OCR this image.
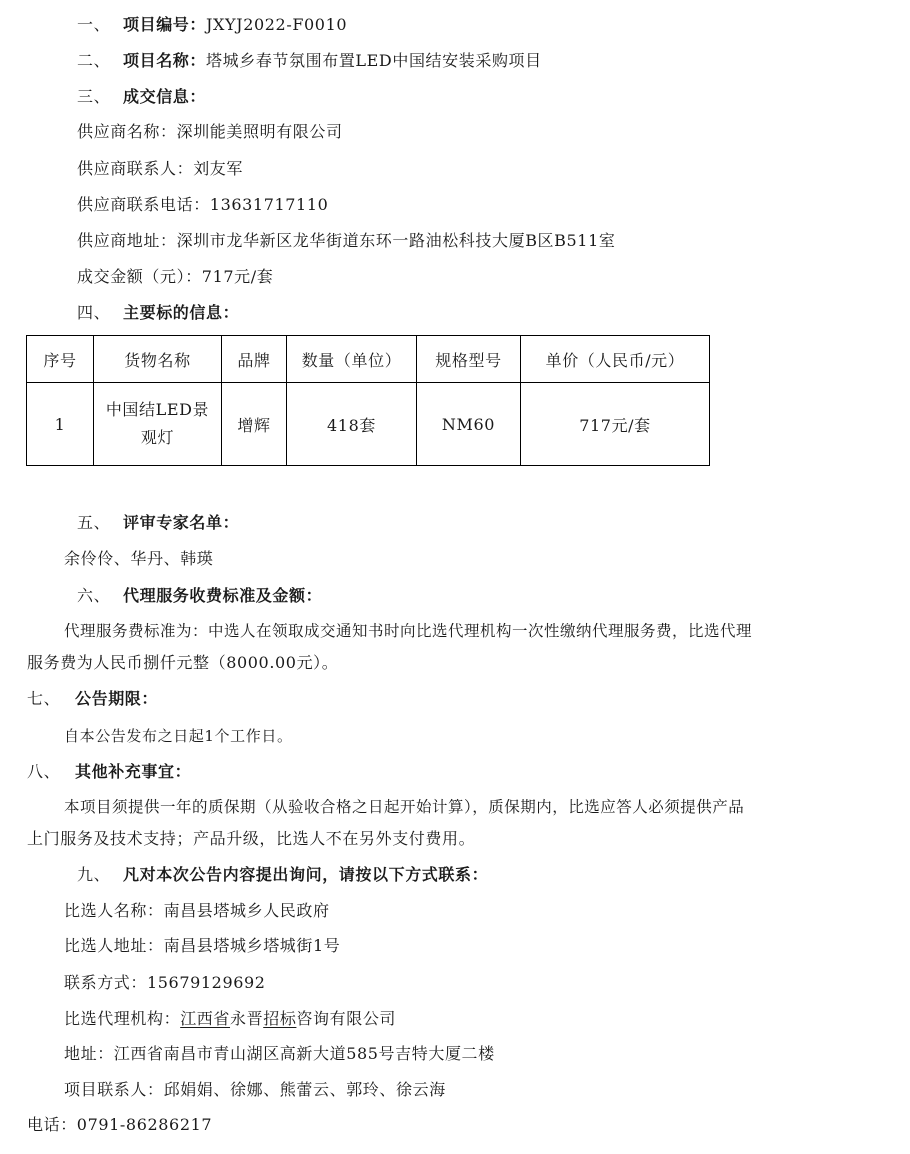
一、 项目编号：JXYJ2022-F0010
二、 项目名称：塔城乡春节氛围布置LED中国结安装采购项目
三、 成交信息：
供应商名称：深圳能美照明有限公司
供应商联系人：刘友军
供应商联系电话：13631717110
供应商地址：深圳市龙华新区龙华街道东环一路油松科技大厦B区B511室
成交金额（元）：717元/套
四、 主要标的信息：
序号	货物名称	品牌	数量（单位）	规格型号	单价（人民币/元）
1	中国结LED景观灯	增辉	418套	NM60	717元/套
五、 评审专家名单：
余伶伶、华丹、韩瑛
六、 代理服务收费标准及金额：
代理服务费标准为：中选人在领取成交通知书时向比选代理机构一次性缴纳代理服务费，比选代理
服务费为人民币捌仟元整（8000.00元）。
七、 公告期限：
自本公告发布之日起1个工作日。
八、 其他补充事宜：
本项目须提供一年的质保期（从验收合格之日起开始计算），质保期内，比选应答人必须提供产品
上门服务及技术支持；产品升级，比选人不在另外支付费用。
九、 凡对本次公告内容提出询问，请按以下方式联系：
比选人名称：南昌县塔城乡人民政府
比选人地址：南昌县塔城乡塔城街1号
联系方式：15679129692
比选代理机构：江西省永晋招标咨询有限公司
地址：江西省南昌市青山湖区高新大道585号吉特大厦二楼
项目联系人：邱娟娟、徐娜、熊蕾云、郭玲、徐云海
电话：0791-86286217
